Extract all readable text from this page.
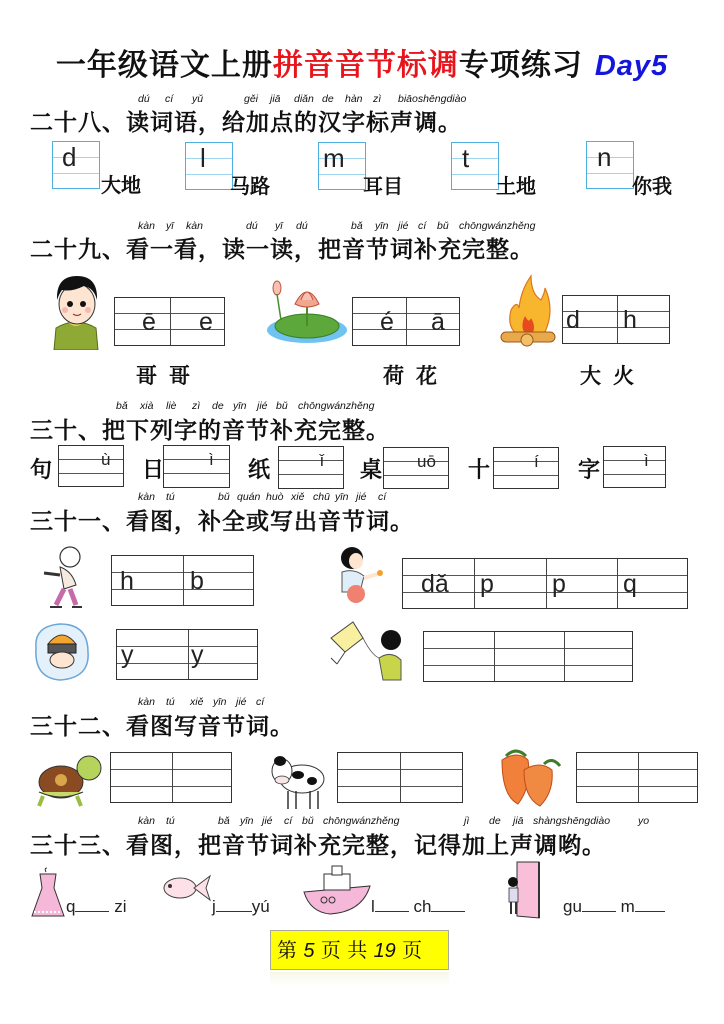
一年级语文上册拼音音节标调专项练习 Day5
dú cí yǔ	gěi jiā diǎn de hàn zì biāoshēngdiào
二十八、读词语，给加点的汉字标声调。
d
大地
l
马路
m
耳目
t
土地
n
你我
kàn yī kàn	dú yī dú	bǎ yīn jié cí bǔ chōngwánzhěng
二十九、看一看，读一读，把音节词补充完整。
ē e
哥哥
é ā
荷花
d h
大火
bǎ xià liè zì de yīn jié bǔ chōngwánzhěng
三十、把下列字的音节补充完整。
句	ù 日	ì 纸	ǐ 桌 uō 十	í 字	ì
kàn tú	bǔ quán huò xiě chū yīn jié cí
三十一、看图，补全或写出音节词。
h b	dǎ p p q
y y
kàn tú xiě yīn jié cí
三十二、看图写音节词。
kàn tú	bǎ yīn jié cí bǔ chōngwánzhěng	jì de jiā shàngshēngdiào	yo
三十三、看图，把音节词补充完整，记得加上声调哟。
q zi	j yú	l ch	gu m
第 5 页 共 19 页
